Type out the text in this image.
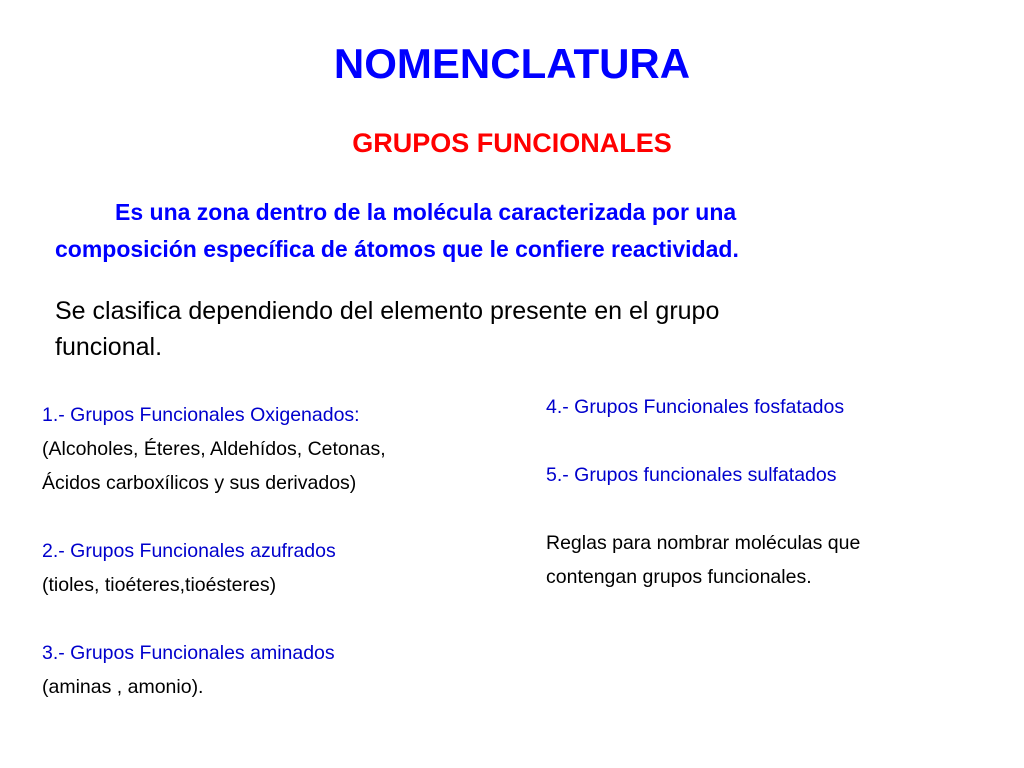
NOMENCLATURA
GRUPOS FUNCIONALES
Es una zona dentro de la molécula caracterizada por una
composición específica de átomos que le confiere reactividad.
Se clasifica dependiendo del elemento presente en el grupo
funcional.
1.- Grupos Funcionales Oxigenados:
(Alcoholes, Éteres, Aldehídos, Cetonas,
Ácidos carboxílicos y sus derivados)
2.- Grupos Funcionales azufrados
(tioles, tioéteres,tioésteres)
3.- Grupos Funcionales aminados
(aminas , amonio).
4.- Grupos Funcionales fosfatados
5.- Grupos funcionales sulfatados
Reglas para nombrar moléculas que
contengan grupos funcionales.
